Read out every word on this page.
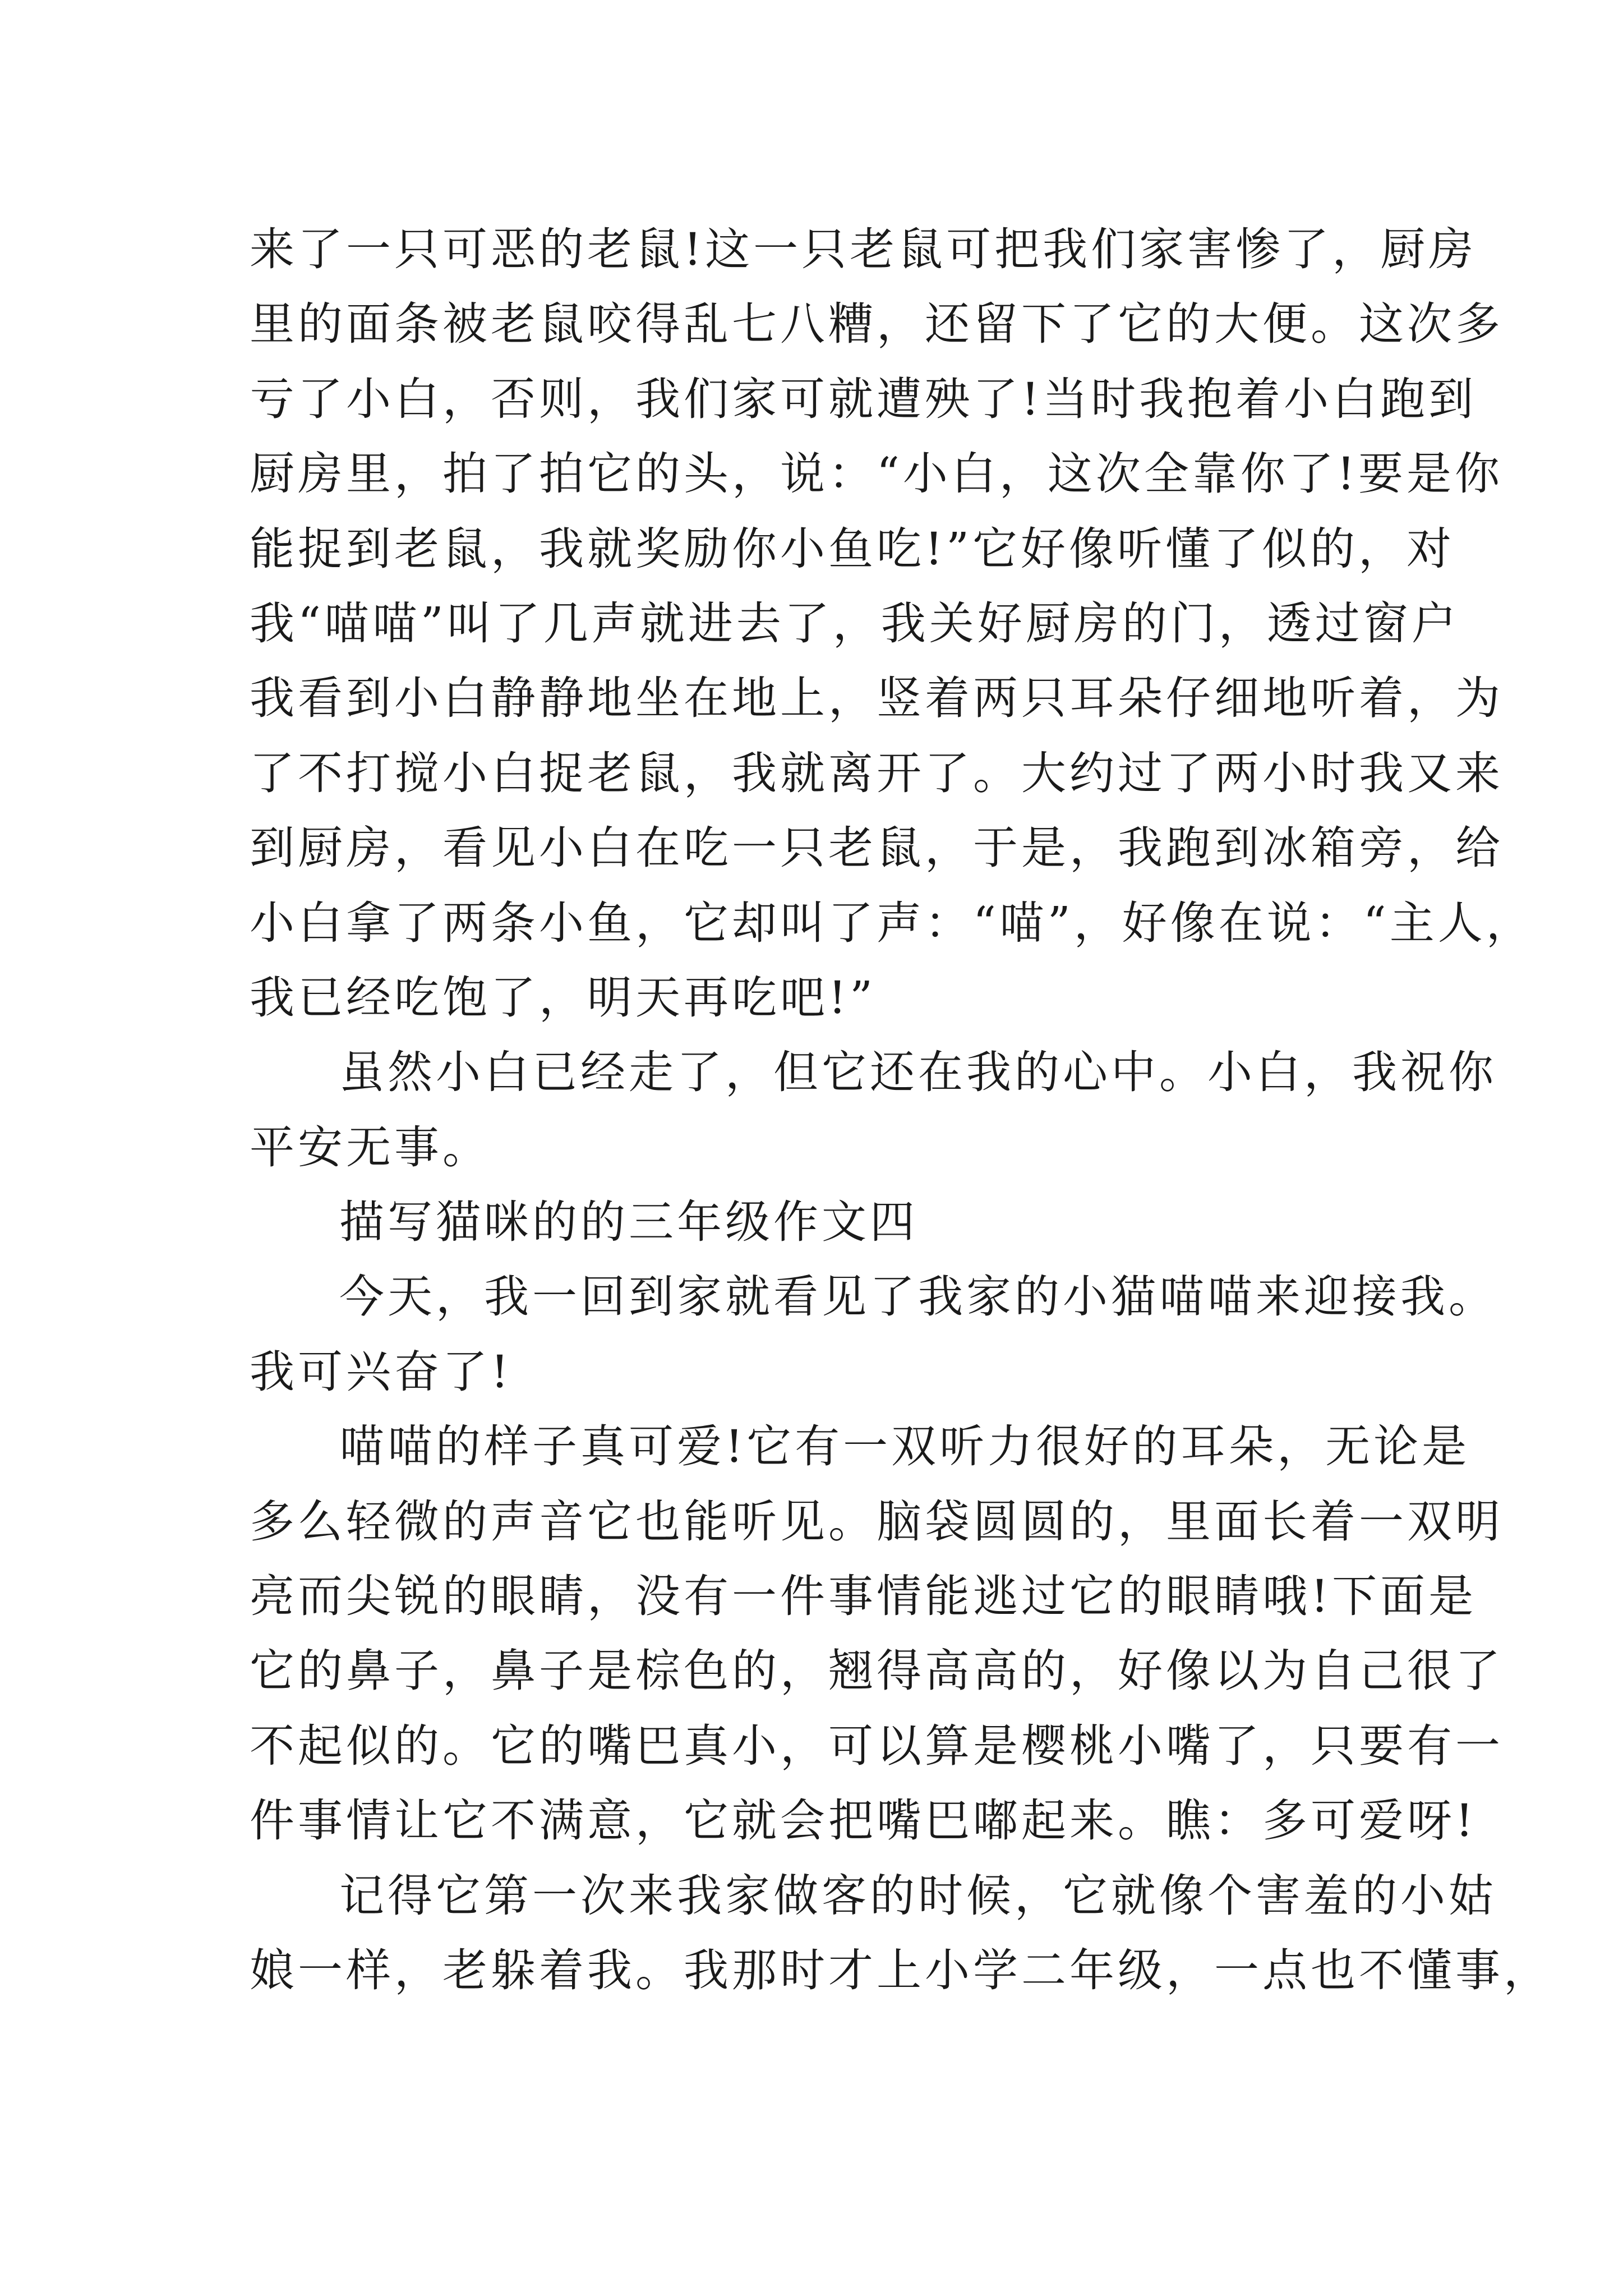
来了一只可恶的老鼠!这一只老鼠可把我们家害惨了，厨房
里的面条被老鼠咬得乱七八糟，还留下了它的大便。这次多
亏了小白，否则，我们家可就遭殃了!当时我抱着小白跑到
厨房里，拍了拍它的头，说：“小白，这次全靠你了!要是你
能捉到老鼠，我就奖励你小鱼吃!”它好像听懂了似的，对
我“喵喵”叫了几声就进去了，我关好厨房的门，透过窗户
我看到小白静静地坐在地上，竖着两只耳朵仔细地听着，为
了不打搅小白捉老鼠，我就离开了。大约过了两小时我又来
到厨房，看见小白在吃一只老鼠，于是，我跑到冰箱旁，给
小白拿了两条小鱼，它却叫了声：“喵”，好像在说：“主人，
我已经吃饱了，明天再吃吧!”
虽然小白已经走了，但它还在我的心中。小白，我祝你
平安无事。
描写猫咪的的三年级作文四
今天，我一回到家就看见了我家的小猫喵喵来迎接我。
我可兴奋了!
喵喵的样子真可爱!它有一双听力很好的耳朵，无论是
多么轻微的声音它也能听见。脑袋圆圆的，里面长着一双明
亮而尖锐的眼睛，没有一件事情能逃过它的眼睛哦!下面是
它的鼻子，鼻子是棕色的，翘得高高的，好像以为自己很了
不起似的。它的嘴巴真小，可以算是樱桃小嘴了，只要有一
件事情让它不满意，它就会把嘴巴嘟起来。瞧：多可爱呀!
记得它第一次来我家做客的时候，它就像个害羞的小姑
娘一样，老躲着我。我那时才上小学二年级，一点也不懂事，
